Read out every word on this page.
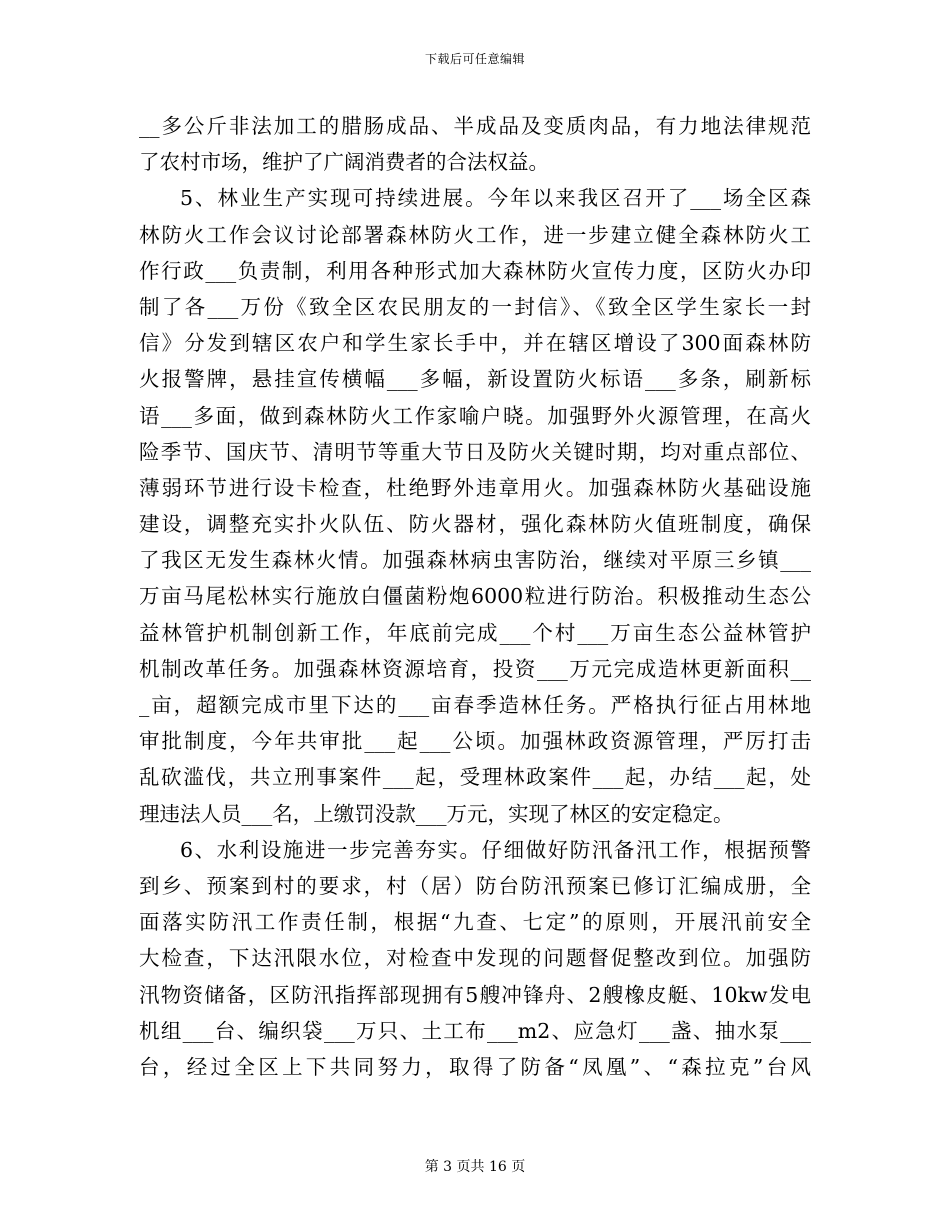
下载后可任意编辑
__多公斤非法加工的腊肠成品、半成品及变质肉品，有力地法律规范
了农村市场，维护了广阔消费者的合法权益。
5、林业生产实现可持续进展。今年以来我区召开了___场全区森
林防火工作会议讨论部署森林防火工作，进一步建立健全森林防火工
作行政___负责制，利用各种形式加大森林防火宣传力度，区防火办印
制了各___万份《致全区农民朋友的一封信》、《致全区学生家长一封
信》分发到辖区农户和学生家长手中，并在辖区增设了300面森林防
火报警牌，悬挂宣传横幅___多幅，新设置防火标语___多条，刷新标
语___多面，做到森林防火工作家喻户晓。加强野外火源管理，在高火
险季节、国庆节、清明节等重大节日及防火关键时期，均对重点部位、
薄弱环节进行设卡检查，杜绝野外违章用火。加强森林防火基础设施
建设，调整充实扑火队伍、防火器材，强化森林防火值班制度，确保
了我区无发生森林火情。加强森林病虫害防治，继续对平原三乡镇___
万亩马尾松林实行施放白僵菌粉炮6000粒进行防治。积极推动生态公
益林管护机制创新工作，年底前完成___个村___万亩生态公益林管护
机制改革任务。加强森林资源培育，投资___万元完成造林更新面积__
_亩，超额完成市里下达的___亩春季造林任务。严格执行征占用林地
审批制度，今年共审批___起___公顷。加强林政资源管理，严厉打击
乱砍滥伐，共立刑事案件___起，受理林政案件___起，办结___起，处
理违法人员___名，上缴罚没款___万元，实现了林区的安定稳定。
6、水利设施进一步完善夯实。仔细做好防汛备汛工作，根据预警
到乡、预案到村的要求，村（居）防台防汛预案已修订汇编成册，全
面落实防汛工作责任制，根据“九查、七定”的原则，开展汛前安全
大检查，下达汛限水位，对检查中发现的问题督促整改到位。加强防
汛物资储备，区防汛指挥部现拥有5艘冲锋舟、2艘橡皮艇、10kw发电
机组___台、编织袋___万只、土工布___m2、应急灯___盏、抽水泵___
台，经过全区上下共同努力，取得了防备“凤凰”、“森拉克”台风
第 3 页共 16 页
